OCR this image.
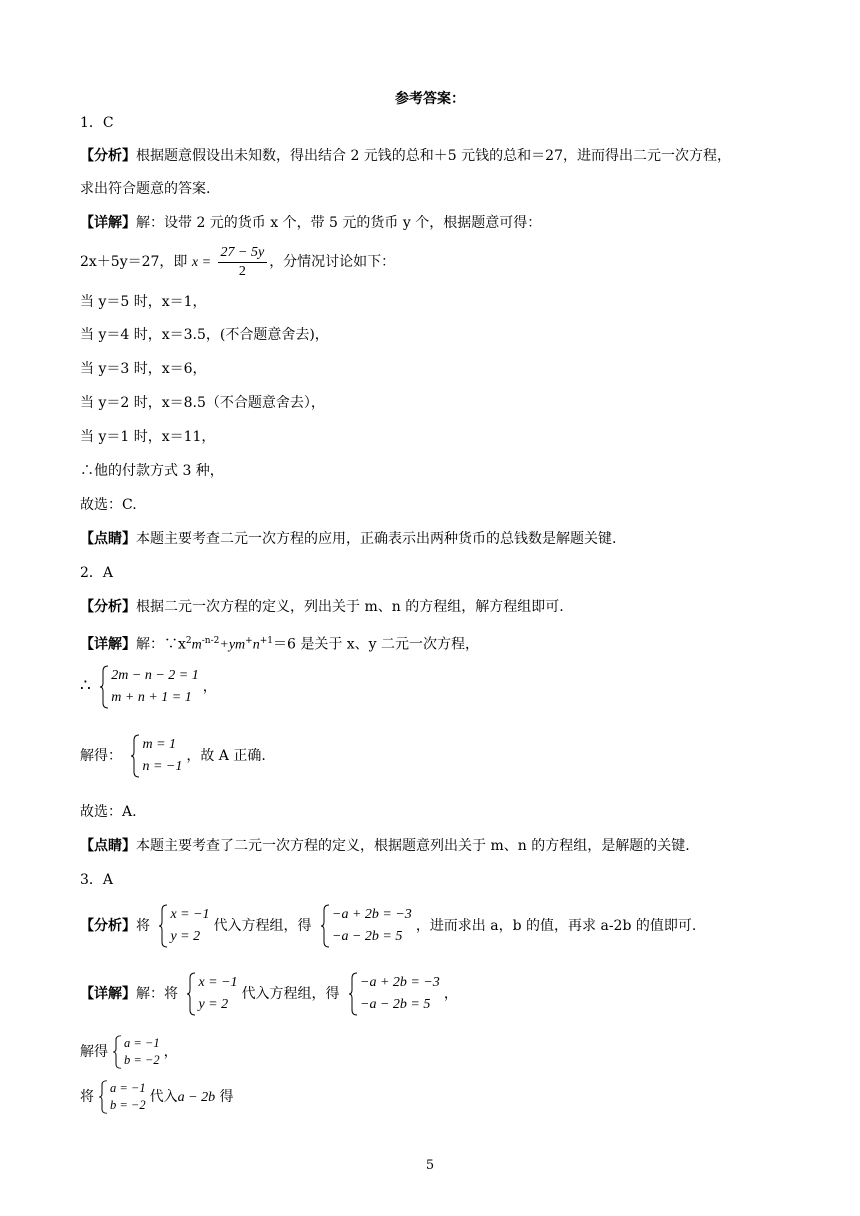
参考答案：
1．C
【分析】根据题意假设出未知数，得出结合 2 元钱的总和＋5 元钱的总和＝27，进而得出二元一次方程，
求出符合题意的答案.
【详解】解：设带 2 元的货币 x 个，带 5 元的货币 y 个，根据题意可得：
2x＋5y＝27，即 $x = \frac{27 - 5y}{2}$ ，分情况讨论如下：
当 y＝5 时，x＝1，
当 y＝4 时，x＝3.5，(不合题意舍去)，
当 y＝3 时，x＝6，
当 y＝2 时，x＝8.5（不合题意舍去），
当 y＝1 时，x＝11，
∴他的付款方式 3 种，
故选：C.
【点睛】本题主要考查二元一次方程的应用，正确表示出两种货币的总钱数是解题关键.
2．A
【分析】根据二元一次方程的定义，列出关于 m、n 的方程组，解方程组即可.
【详解】解：$\because x^2m^{-n-2}+ym^+n^{+1}=6$ 是关于 x、y 二元一次方程，
∴
2m − n − 2 = 1
m + n + 1 = 1
，
解得：
m = 1
n = −1
，故 A 正确.
故选：A.
【点睛】本题主要考查了二元一次方程的定义，根据题意列出关于 m、n 的方程组，是解题的关键.
3．A
【分析】将
x = −1
y = 2
代入方程组，得
−a + 2b = −3
−a − 2b = 5
，进而求出 a，b 的值，再求 a-2b 的值即可.
【详解】解：将
x = −1
y = 2
代入方程组，得
−a + 2b = −3
−a − 2b = 5
，
解得
a = −1
b = −2 ，
将
a = −1
b = −2 代入a − 2b 得
5
